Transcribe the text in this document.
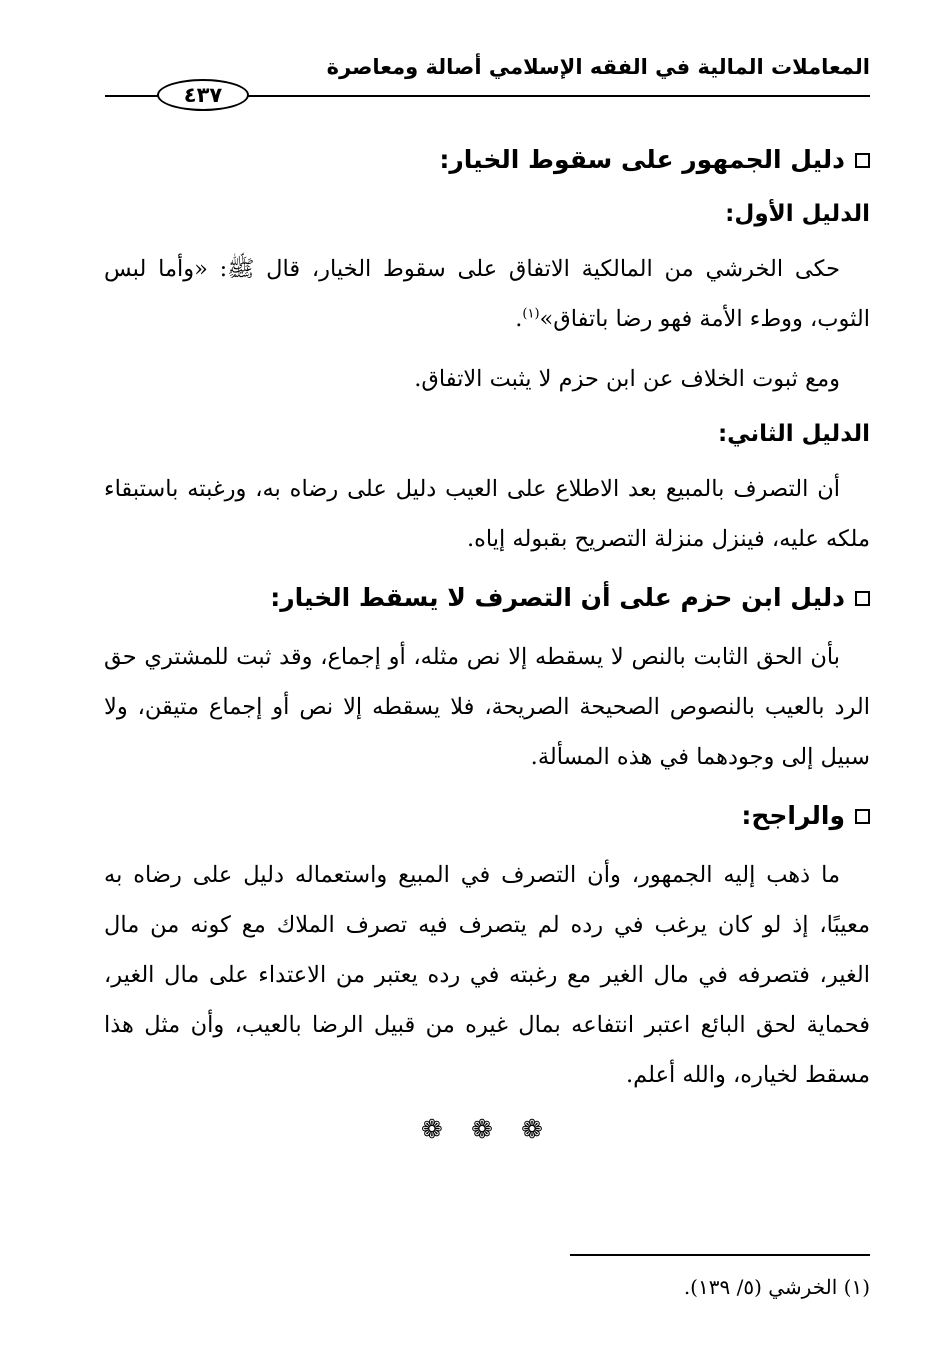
المعاملات المالية في الفقه الإسلامي أصالة ومعاصرة
٤٣٧
دليل الجمهور على سقوط الخيار:
الدليل الأول:

حكى الخرشي من المالكية الاتفاق على سقوط الخيار، قال ﷺ: «وأما لبس الثوب، ووطء الأمة فهو رضا باتفاق»$^{(١)}$.

ومع ثبوت الخلاف عن ابن حزم لا يثبت الاتفاق.

الدليل الثاني:

أن التصرف بالمبيع بعد الاطلاع على العيب دليل على رضاه به، ورغبته باستبقاء ملكه عليه، فينزل منزلة التصريح بقبوله إياه.

دليل ابن حزم على أن التصرف لا يسقط الخيار:

بأن الحق الثابت بالنص لا يسقطه إلا نص مثله، أو إجماع، وقد ثبت للمشتري حق الرد بالعيب بالنصوص الصحيحة الصريحة، فلا يسقطه إلا نص أو إجماع متيقن، ولا سبيل إلى وجودهما في هذه المسألة.

والراجح:

ما ذهب إليه الجمهور، وأن التصرف في المبيع واستعماله دليل على رضاه به معيبًا، إذ لو كان يرغب في رده لم يتصرف فيه تصرف الملاك مع كونه من مال الغير، فتصرفه في مال الغير مع رغبته في رده يعتبر من الاعتداء على مال الغير، فحماية لحق البائع اعتبر انتفاعه بمال غيره من قبيل الرضا بالعيب، وأن مثل هذا مسقط لخياره، والله أعلم.

❁ ❁ ❁
(١) الخرشي (٥/ ١٣٩).
